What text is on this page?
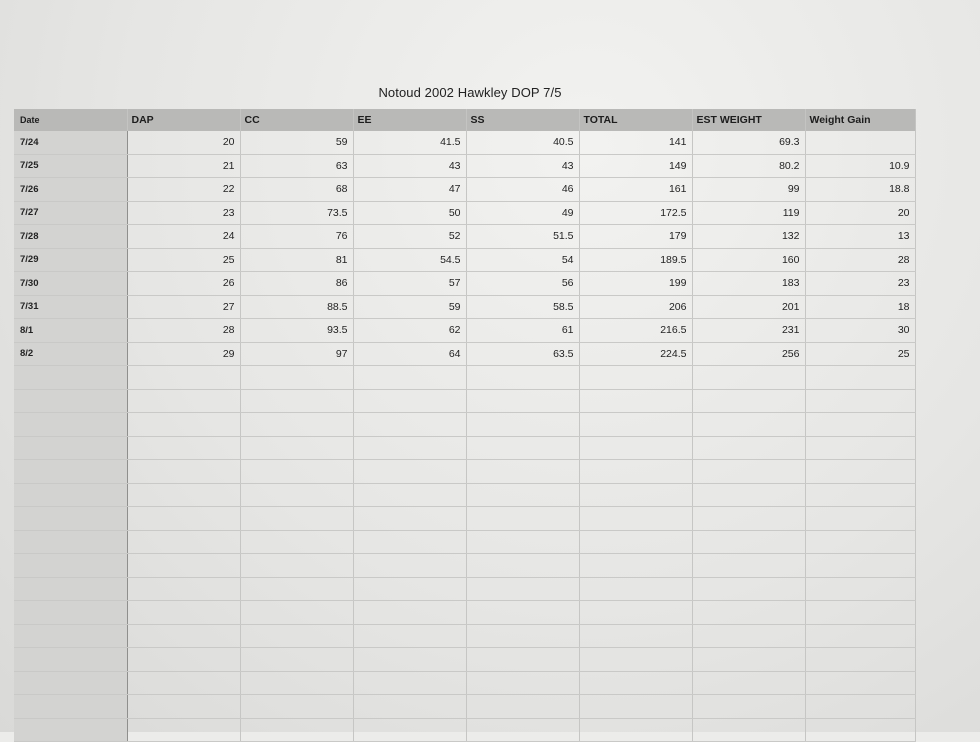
Notoud 2002 Hawkley DOP 7/5
Date	DAP	CC	EE	SS	TOTAL	EST WEIGHT	Weight Gain
7/24	20	59	41.5	40.5	141	69.3	
7/25	21	63	43	43	149	80.2	10.9
7/26	22	68	47	46	161	99	18.8
7/27	23	73.5	50	49	172.5	119	20
7/28	24	76	52	51.5	179	132	13
7/29	25	81	54.5	54	189.5	160	28
7/30	26	86	57	56	199	183	23
7/31	27	88.5	59	58.5	206	201	18
8/1	28	93.5	62	61	216.5	231	30
8/2	29	97	64	63.5	224.5	256	25
